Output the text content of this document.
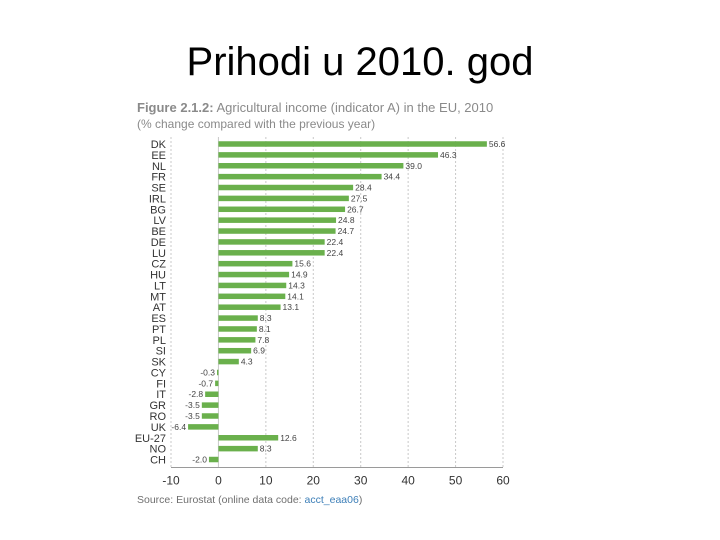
Prihodi u 2010. god
Figure 2.1.2: Agricultural income (indicator A) in the EU, 2010
(% change compared with the previous year)
-10	0	10	20	30	40	50	60
DK	56.6
EE	46.3
NL	39.0
FR	34.4
SE	28.4
IRL	27.5
BG	26.7
LV	24.8
BE	24.7
DE	22.4
LU	22.4
CZ	15.6
HU	14.9
LT	14.3
MT	14.1
AT	13.1
ES	8.3
PT	8.1
PL	7.8
SI	6.9
SK	4.3
CY	-0.3
FI	-0.7
IT	-2.8
GR -3.5
RO -3.5
UK -6.4
EU-27	12.6
NO	8.3
CH	-2.0
Source: Eurostat (online data code: acct_eaa06)
